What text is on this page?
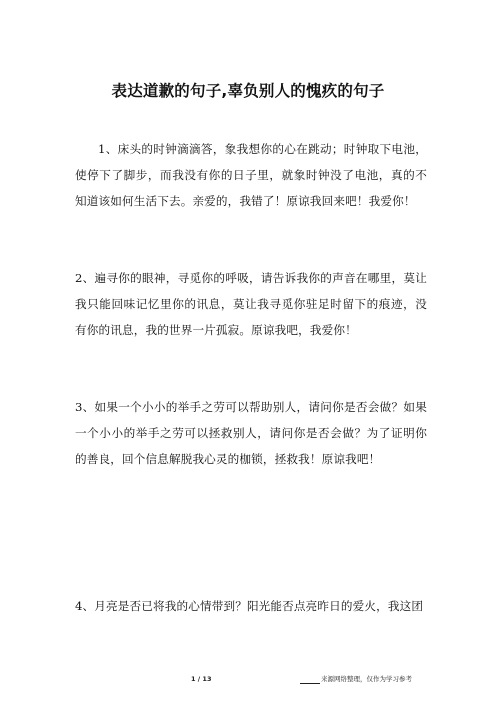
表达道歉的句子,辜负别人的愧疚的句子

1、床头的时钟滴滴答，象我想你的心在跳动；时钟取下电池，使停下了脚步，而我没有你的日子里，就象时钟没了电池，真的不知道该如何生活下去。亲爱的，我错了！原谅我回来吧！我爱你！

2、遍寻你的眼神，寻觅你的呼吸，请告诉我你的声音在哪里，莫让我只能回味记忆里你的讯息，莫让我寻觅你驻足时留下的痕迹，没有你的讯息，我的世界一片孤寂。原谅我吧，我爱你！

3、如果一个小小的举手之劳可以帮助别人，请问你是否会做？如果一个小小的举手之劳可以拯救别人，请问你是否会做？为了证明你的善良，回个信息解脱我心灵的枷锁，拯救我！原谅我吧！

4、月亮是否已将我的心情带到？阳光能否点亮昨日的爱火，我这团

1 / 13	来源网络整理，仅作为学习参考
